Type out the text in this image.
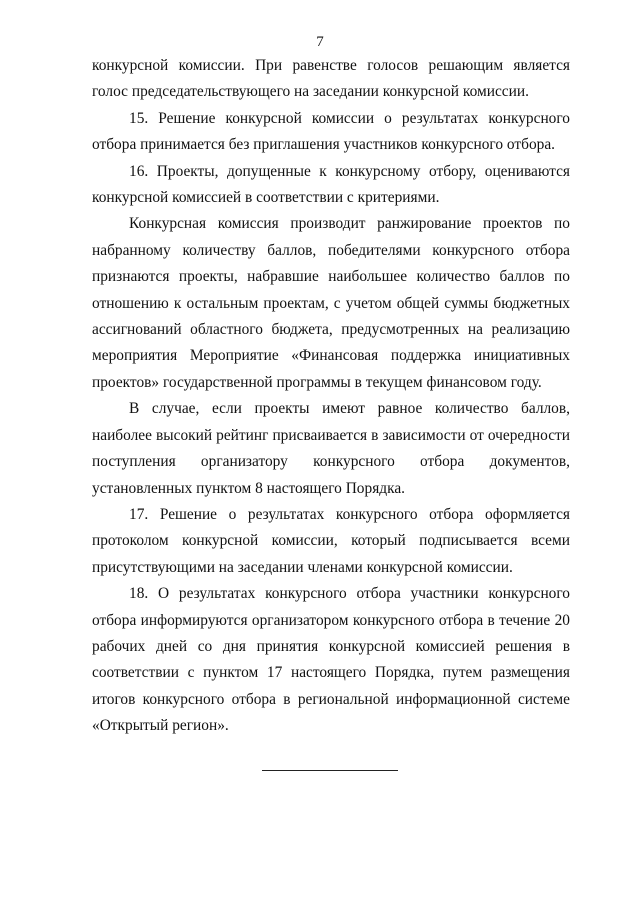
7

конкурсной комиссии. При равенстве голосов решающим является голос председательствующего на заседании конкурсной комиссии.

15. Решение конкурсной комиссии о результатах конкурсного отбора принимается без приглашения участников конкурсного отбора.

16. Проекты, допущенные к конкурсному отбору, оцениваются конкурсной комиссией в соответствии с критериями.

Конкурсная комиссия производит ранжирование проектов по набранному количеству баллов, победителями конкурсного отбора признаются проекты, набравшие наибольшее количество баллов по отношению к остальным проектам, с учетом общей суммы бюджетных ассигнований областного бюджета, предусмотренных на реализацию мероприятия Мероприятие «Финансовая поддержка инициативных проектов» государственной программы в текущем финансовом году.

В случае, если проекты имеют равное количество баллов, наиболее высокий рейтинг присваивается в зависимости от очередности поступления организатору конкурсного отбора документов, установленных пунктом 8 настоящего Порядка.

17. Решение о результатах конкурсного отбора оформляется протоколом конкурсной комиссии, который подписывается всеми присутствующими на заседании членами конкурсной комиссии.

18. О результатах конкурсного отбора участники конкурсного отбора информируются организатором конкурсного отбора в течение 20 рабочих дней со дня принятия конкурсной комиссией решения в соответствии с пунктом 17 настоящего Порядка, путем размещения итогов конкурсного отбора в региональной информационной системе «Открытый регион».
